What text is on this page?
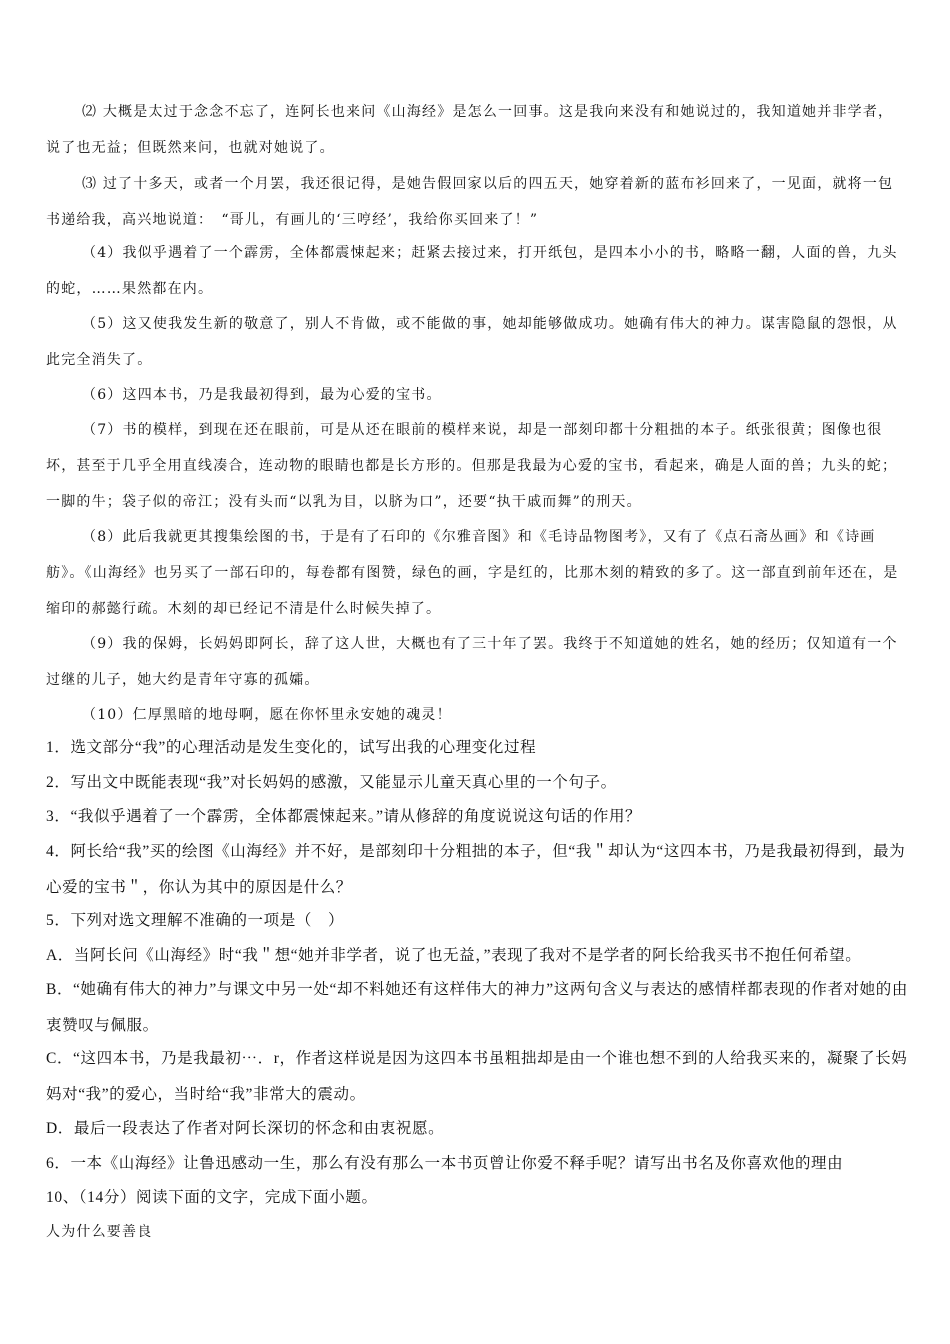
⑵ 大概是太过于念念不忘了，连阿长也来问《山海经》是怎么一回事。这是我向来没有和她说过的，我知道她并非学者，说了也无益；但既然来问，也就对她说了。

⑶ 过了十多天，或者一个月罢，我还很记得，是她告假回家以后的四五天，她穿着新的蓝布衫回来了，一见面，就将一包书递给我，高兴地说道：　“哥儿，有画儿的‘三哼经’，我给你买回来了！”

（4）我似乎遇着了一个霹雳，全体都震悚起来；赶紧去接过来，打开纸包，是四本小小的书，略略一翻，人面的兽，九头的蛇，……果然都在内。

（5）这又使我发生新的敬意了，别人不肯做，或不能做的事，她却能够做成功。她确有伟大的神力。谋害隐鼠的怨恨，从此完全消失了。

（6）这四本书，乃是我最初得到，最为心爱的宝书。

（7）书的模样，到现在还在眼前，可是从还在眼前的模样来说，却是一部刻印都十分粗拙的本子。纸张很黄；图像也很坏，甚至于几乎全用直线凑合，连动物的眼睛也都是长方形的。但那是我最为心爱的宝书，看起来，确是人面的兽；九头的蛇；一脚的牛；袋子似的帝江；没有头而“以乳为目，以脐为口”，还要“执干戚而舞”的刑天。

（8）此后我就更其搜集绘图的书，于是有了石印的《尔雅音图》和《毛诗品物图考》，又有了《点石斋丛画》和《诗画舫》。《山海经》也另买了一部石印的，每卷都有图赞，绿色的画，字是红的，比那木刻的精致的多了。这一部直到前年还在，是缩印的郝懿行疏。木刻的却已经记不清是什么时候失掉了。

（9）我的保姆，长妈妈即阿长，辞了这人世，大概也有了三十年了罢。我终于不知道她的姓名，她的经历；仅知道有一个过继的儿子，她大约是青年守寡的孤孀。

（10）仁厚黑暗的地母啊，愿在你怀里永安她的魂灵！

1．选文部分“我”的心理活动是发生变化的，试写出我的心理变化过程

2．写出文中既能表现“我”对长妈妈的感激，又能显示儿童天真心里的一个句子。

3．“我似乎遇着了一个霹雳，全体都震悚起来。”请从修辞的角度说说这句话的作用？

4．阿长给“我”买的绘图《山海经》并不好，是部刻印十分粗拙的本子，但“我＂却认为“这四本书，乃是我最初得到，最为心爱的宝书＂，你认为其中的原因是什么？

5．下列对选文理解不准确的一项是（　）

A．当阿长问《山海经》时“我＂想“她并非学者，说了也无益，”表现了我对不是学者的阿长给我买书不抱任何希望。

B．“她确有伟大的神力”与课文中另一处“却不料她还有这样伟大的神力”这两句含义与表达的感情样都表现的作者对她的由衷赞叹与佩服。

C．“这四本书，乃是我最初⋯．r，作者这样说是因为这四本书虽粗拙却是由一个谁也想不到的人给我买来的，凝聚了长妈妈对“我”的爱心，当时给“我”非常大的震动。

D．最后一段表达了作者对阿长深切的怀念和由衷祝愿。

6．一本《山海经》让鲁迅感动一生，那么有没有那么一本书页曾让你爱不释手呢？请写出书名及你喜欢他的理由

10、（14分）阅读下面的文字，完成下面小题。

人为什么要善良
